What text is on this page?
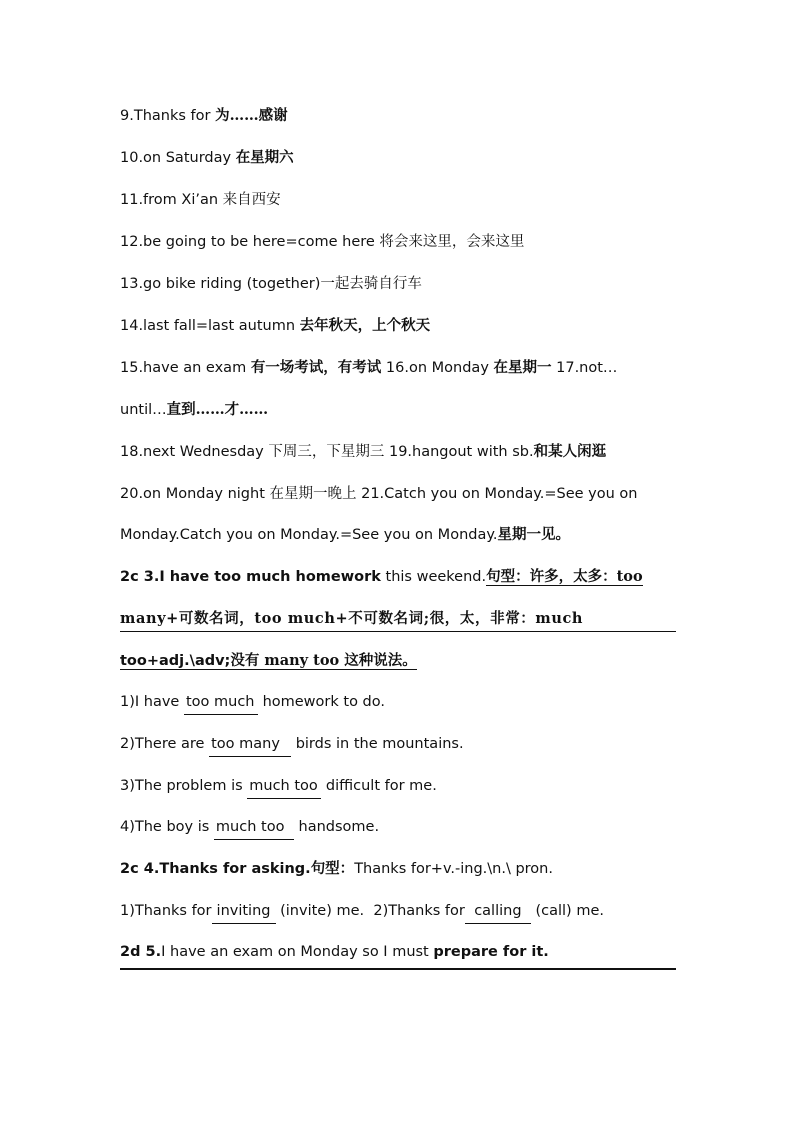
9.Thanks for 为……感谢
10.on Saturday 在星期六
11.from Xi’an 来自西安
12.be going to be here=come here 将会来这里，会来这里
13.go bike riding (together)一起去骑自行车
14.last fall=last autumn 去年秋天，上个秋天
15.have an exam 有一场考试，有考试 16.on Monday 在星期一 17.not…
until…直到……才……
18.next Wednesday 下周三，下星期三 19.hangout with sb.和某人闲逛
20.on Monday night 在星期一晚上 21.Catch you on Monday.=See you on
Monday.Catch you on Monday.=See you on Monday.星期一见。
2c 3.I have too much homework this weekend.句型：许多，太多：too
many+可数名词，too much+不可数名词;很，太，非常：much
too+adj.\adv;没有 many too 这种说法。
1)I have too much homework to do.
2)There are too many birds in the mountains.
3)The problem is much too difficult for me.
4)The boy is much too handsome.
2c 4.Thanks for asking.句型：Thanks for+v.-ing.\n.\ pron.
1)Thanks for inviting (invite) me. 2)Thanks for calling (call) me.
2d 5.I have an exam on Monday so I must prepare for it.
